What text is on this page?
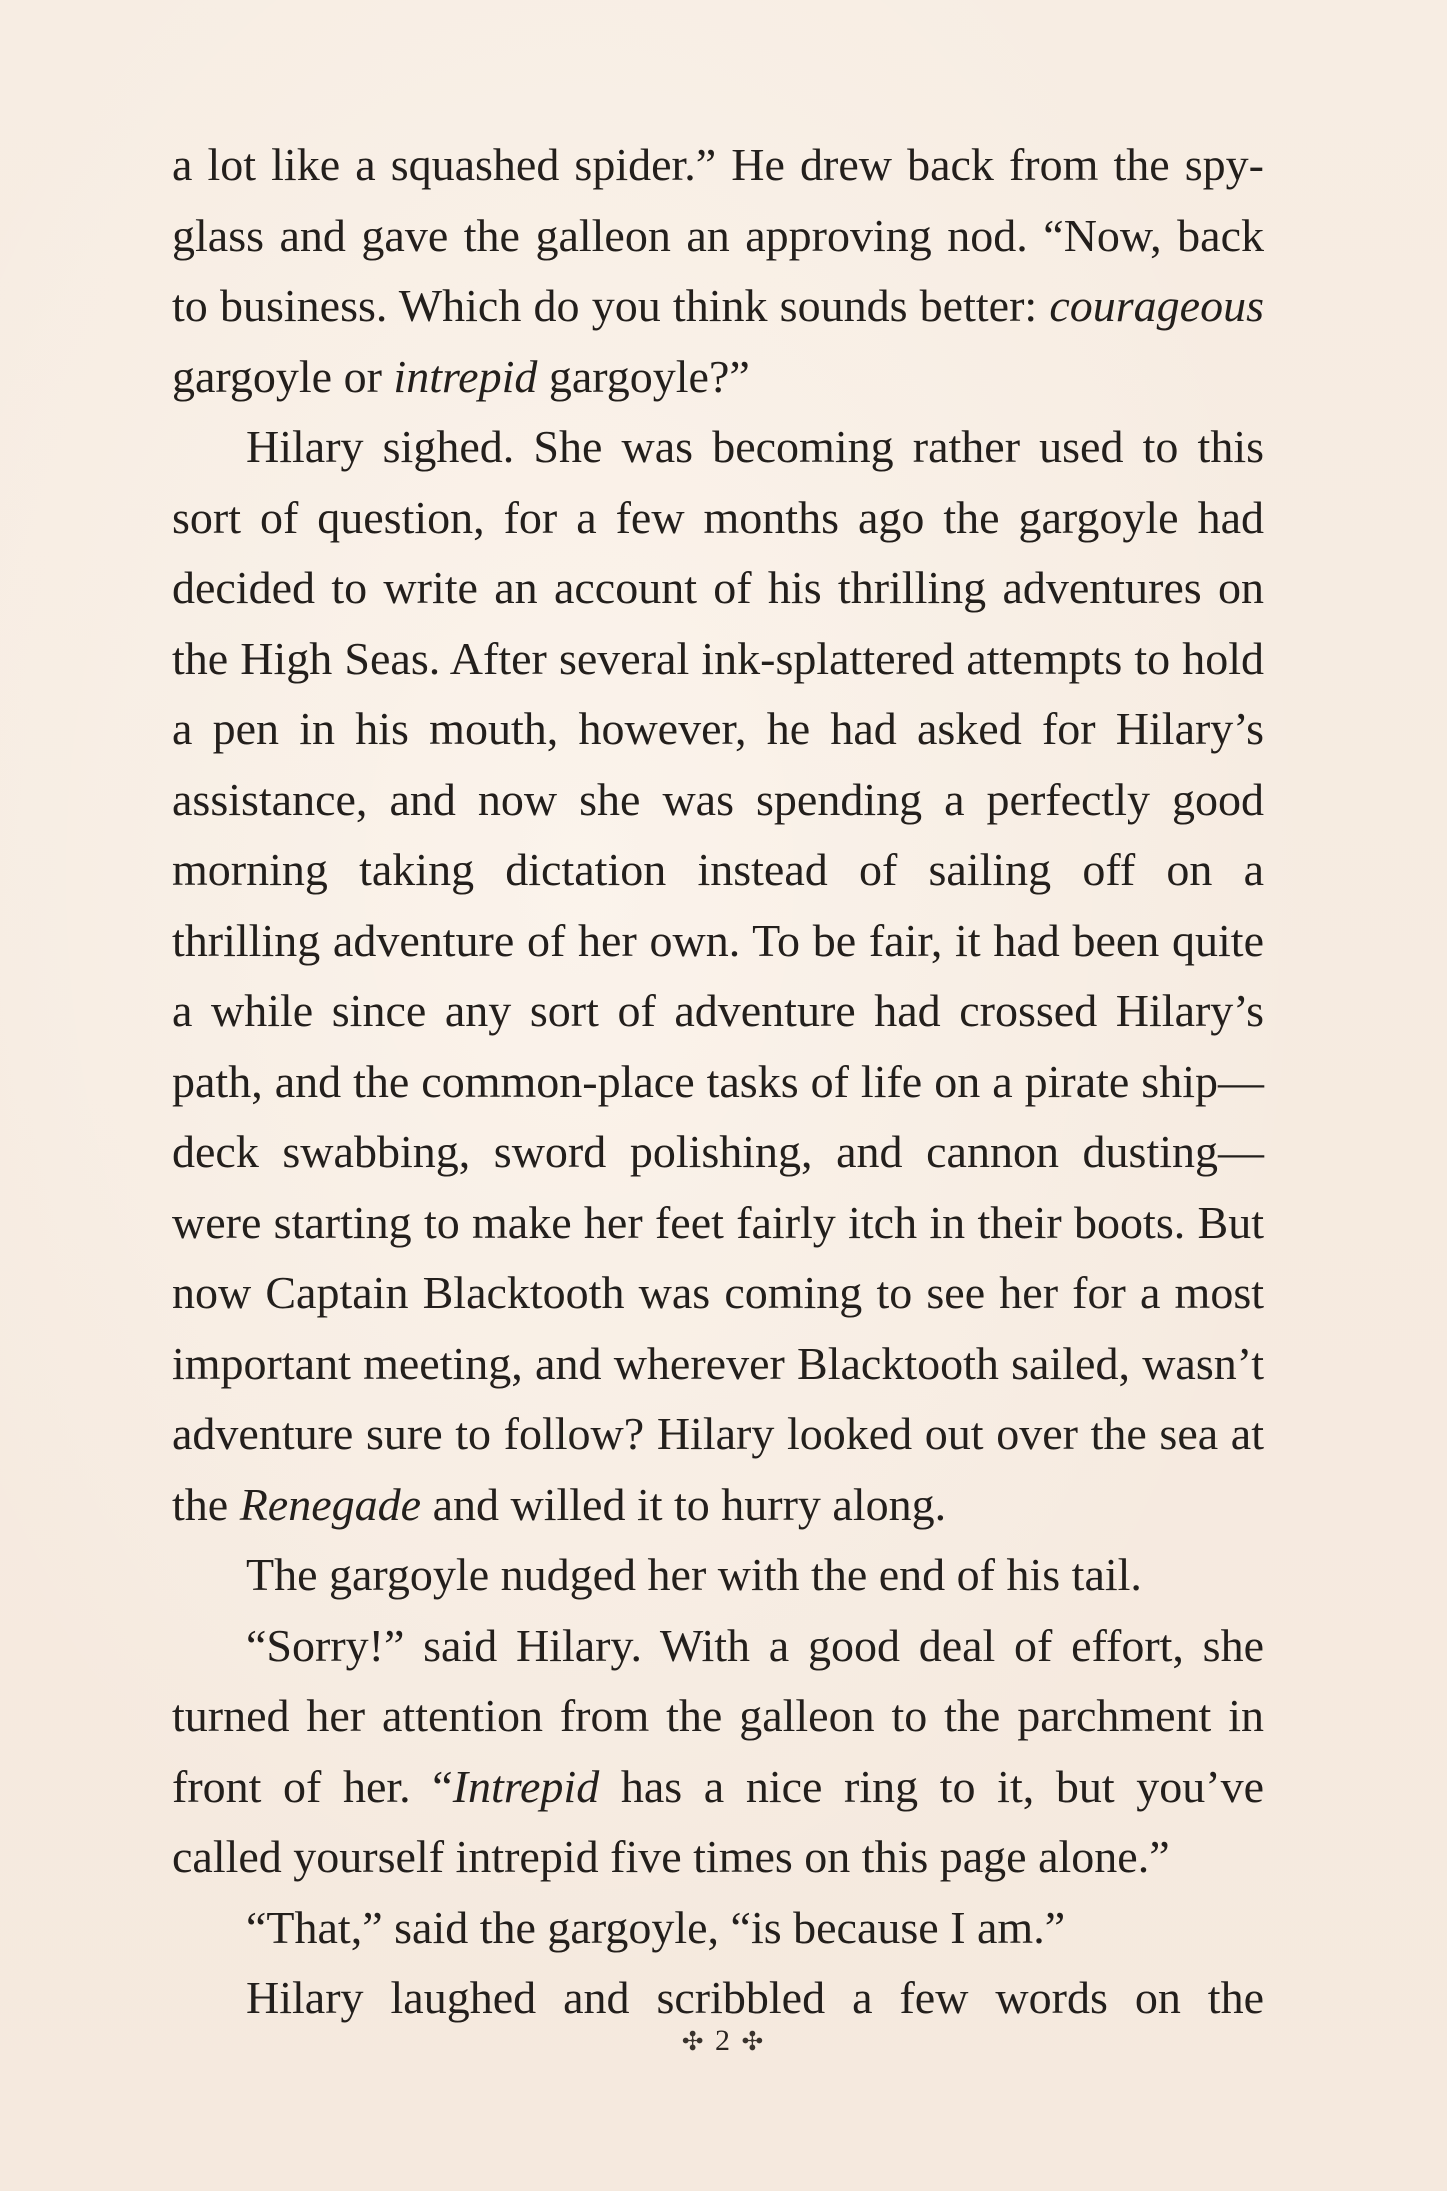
a lot like a squashed spider.” He drew back from the spy-glass and gave the galleon an approving nod. “Now, back to business. Which do you think sounds better: courageous gargoyle or intrepid gargoyle?”

Hilary sighed. She was becoming rather used to this sort of question, for a few months ago the gargoyle had decided to write an account of his thrilling adventures on the High Seas. After several ink-splattered attempts to hold a pen in his mouth, however, he had asked for Hilary’s assistance, and now she was spending a perfectly good morning taking dictation instead of sailing off on a thrilling adventure of her own. To be fair, it had been quite a while since any sort of adventure had crossed Hilary’s path, and the common-place tasks of life on a pirate ship—deck swabbing, sword polishing, and cannon dusting—were starting to make her feet fairly itch in their boots. But now Captain Blacktooth was coming to see her for a most important meeting, and wherever Blacktooth sailed, wasn’t adventure sure to follow? Hilary looked out over the sea at the Renegade and willed it to hurry along.

The gargoyle nudged her with the end of his tail.

“Sorry!” said Hilary. With a good deal of effort, she turned her attention from the galleon to the parchment in front of her. “Intrepid has a nice ring to it, but you’ve called yourself intrepid five times on this page alone.”

“That,” said the gargoyle, “is because I am.”

Hilary laughed and scribbled a few words on the

✣ 2 ✣
